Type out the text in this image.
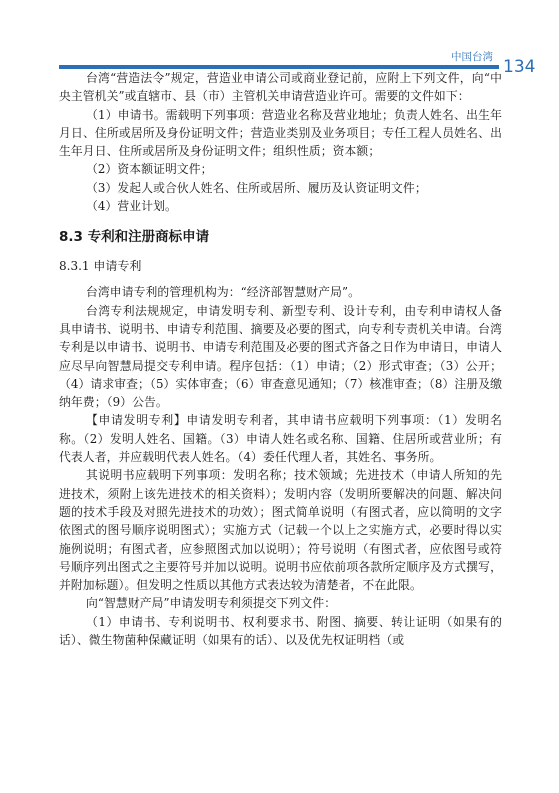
中国台湾 134

台湾“营造法令”规定，营造业申请公司或商业登记前，应附上下列文件，向“中央主管机关”或直辖市、县（市）主管机关申请营造业许可。需要的文件如下：

（1）申请书。需载明下列事项：营造业名称及营业地址；负责人姓名、出生年月日、住所或居所及身份证明文件；营造业类别及业务项目；专任工程人员姓名、出生年月日、住所或居所及身份证明文件；组织性质；资本额；

（2）资本额证明文件；

（3）发起人或合伙人姓名、住所或居所、履历及认资证明文件；

（4）营业计划。

8.3 专利和注册商标申请
8.3.1 申请专利

台湾申请专利的管理机构为：“经济部智慧财产局”。

台湾专利法规规定，申请发明专利、新型专利、设计专利，由专利申请权人备具申请书、说明书、申请专利范围、摘要及必要的图式，向专利专责机关申请。台湾专利是以申请书、说明书、申请专利范围及必要的图式齐备之日作为申请日，申请人应尽早向智慧局提交专利申请。程序包括：（1）申请；（2）形式审查；（3）公开；（4）请求审查；（5）实体审查；（6）审查意见通知；（7）核准审查；（8）注册及缴纳年费；（9）公告。

【申请发明专利】申请发明专利者，其申请书应载明下列事项：（1）发明名称。（2）发明人姓名、国籍。（3）申请人姓名或名称、国籍、住居所或营业所；有代表人者，并应载明代表人姓名。（4）委任代理人者，其姓名、事务所。

其说明书应载明下列事项：发明名称；技术领域；先进技术（申请人所知的先进技术，须附上该先进技术的相关资料）；发明内容（发明所要解决的问题、解决问题的技术手段及对照先进技术的功效）；图式简单说明（有图式者，应以简明的文字依图式的图号顺序说明图式）；实施方式（记载一个以上之实施方式，必要时得以实施例说明；有图式者，应参照图式加以说明）；符号说明（有图式者，应依图号或符号顺序列出图式之主要符号并加以说明。说明书应依前项各款所定顺序及方式撰写，并附加标题）。但发明之性质以其他方式表达较为清楚者，不在此限。

向“智慧财产局”申请发明专利须提交下列文件：

（1）申请书、专利说明书、权利要求书、附图、摘要、转让证明（如果有的话）、微生物菌种保藏证明（如果有的话）、以及优先权证明档（或
